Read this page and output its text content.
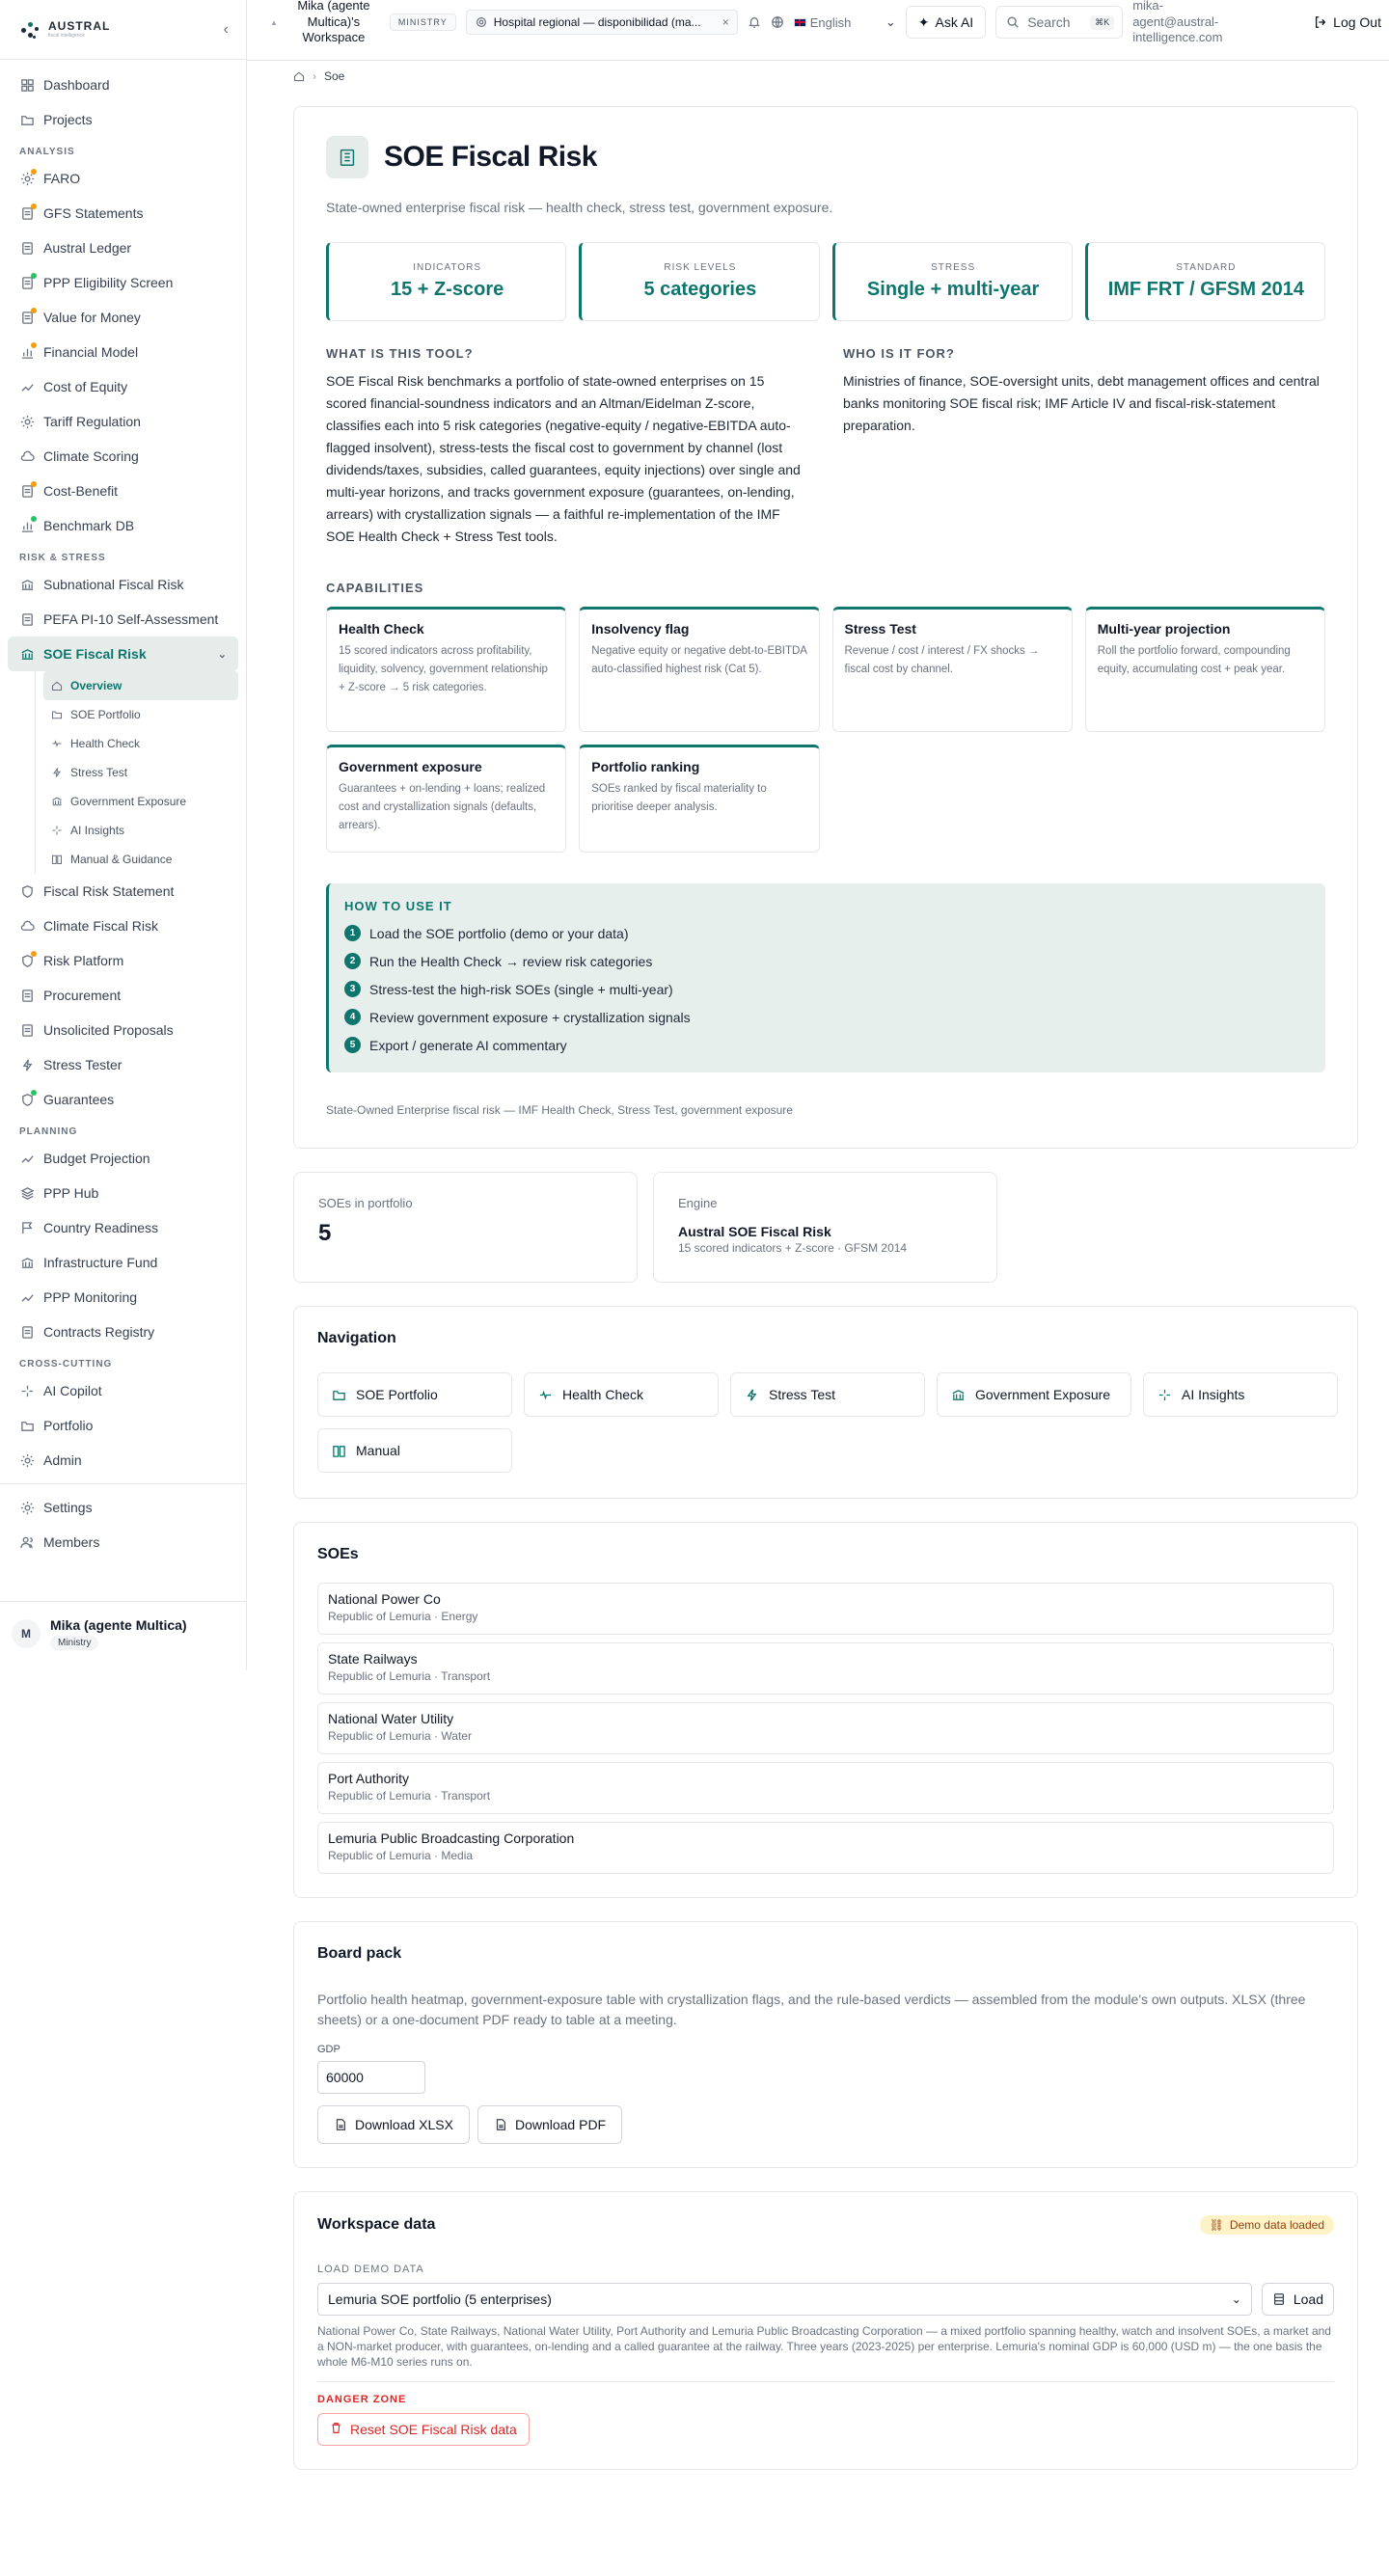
AUSTRAL
fiscal intelligence	‹
Dashboard
Projects
ANALYSIS
FARO
GFS Statements
Austral Ledger
PPP Eligibility Screen
Value for Money
Financial Model
Cost of Equity
Tariff Regulation
Climate Scoring
Cost-Benefit
Benchmark DB
RISK & STRESS
Subnational Fiscal Risk
PEFA PI-10 Self-Assessment
SOE Fiscal Risk	⌄
Overview
SOE Portfolio
Health Check
Stress Test
Government Exposure
AI Insights
Manual & Guidance
Fiscal Risk Statement
Climate Fiscal Risk
Risk Platform
Procurement
Unsolicited Proposals
Stress Tester
Guarantees
PLANNING
Budget Projection
PPP Hub
Country Readiness
Infrastructure Fund
PPP Monitoring
Contracts Registry
CROSS-CUTTING
AI Copilot
Portfolio
Admin
Settings
Members
M
Mika (agente Multica)
Ministry
▲
Mika (agente Multica)'s Workspace
MINISTRY	Hospital regional — disponibilidad (ma...	×	English	⌄ ✦ Ask AI	Search	⌘K
mika-agent@austral-intelligence.com
Log Out
› Soe
SOE Fiscal Risk

State-owned enterprise fiscal risk — health check, stress test, government exposure.

INDICATORS
15 + Z-score
RISK LEVELS
5 categories
STRESS
Single + multi-year
STANDARD
IMF FRT / GFSM 2014
WHAT IS THIS TOOL?

SOE Fiscal Risk benchmarks a portfolio of state-owned enterprises on 15 scored financial-soundness indicators and an Altman/Eidelman Z-score, classifies each into 5 risk categories (negative-equity / negative-EBITDA auto-flagged insolvent), stress-tests the fiscal cost to government by channel (lost dividends/taxes, subsidies, called guarantees, equity injections) over single and multi-year horizons, and tracks government exposure (guarantees, on-lending, arrears) with crystallization signals — a faithful re-implementation of the IMF SOE Health Check + Stress Test tools.

WHO IS IT FOR?

Ministries of finance, SOE-oversight units, debt management offices and central banks monitoring SOE fiscal risk; IMF Article IV and fiscal-risk-statement preparation.

CAPABILITIES
Health Check
15 scored indicators across profitability, liquidity, solvency, government relationship + Z-score → 5 risk categories.
Insolvency flag
Negative equity or negative debt-to-EBITDA auto-classified highest risk (Cat 5).
Stress Test
Revenue / cost / interest / FX shocks → fiscal cost by channel.
Multi-year projection
Roll the portfolio forward, compounding equity, accumulating cost + peak year.
Government exposure
Guarantees + on-lending + loans; realized cost and crystallization signals (defaults, arrears).
Portfolio ranking
SOEs ranked by fiscal materiality to prioritise deeper analysis.
HOW TO USE IT
1	Load the SOE portfolio (demo or your data)
2	Run the Health Check → review risk categories
3	Stress-test the high-risk SOEs (single + multi-year)
4	Review government exposure + crystallization signals
5	Export / generate AI commentary

State-Owned Enterprise fiscal risk — IMF Health Check, Stress Test, government exposure

SOEs in portfolio
5
Engine
Austral SOE Fiscal Risk
15 scored indicators + Z-score · GFSM 2014
Navigation
SOE Portfolio	Health Check	Stress Test	Government Exposure	AI Insights
Manual
SOEs
National Power Co
Republic of Lemuria · Energy
State Railways
Republic of Lemuria · Transport
National Water Utility
Republic of Lemuria · Water
Port Authority
Republic of Lemuria · Transport
Lemuria Public Broadcasting Corporation
Republic of Lemuria · Media
Board pack

Portfolio health heatmap, government-exposure table with crystallization flags, and the rule-based verdicts — assembled from the module's own outputs. XLSX (three sheets) or a one-document PDF ready to table at a meeting.

GDP
60000
Download XLSX	Download PDF
Workspace data	⛓ Demo data loaded
LOAD DEMO DATA
Lemuria SOE portfolio (5 enterprises)	⌄	Load

National Power Co, State Railways, National Water Utility, Port Authority and Lemuria Public Broadcasting Corporation — a mixed portfolio spanning healthy, watch and insolvent SOEs, a market and a NON-market producer, with guarantees, on-lending and a called guarantee at the railway. Three years (2023-2025) per enterprise. Lemuria's nominal GDP is 60,000 (USD m) — the one basis the whole M6-M10 series runs on.

DANGER ZONE
Reset SOE Fiscal Risk data
